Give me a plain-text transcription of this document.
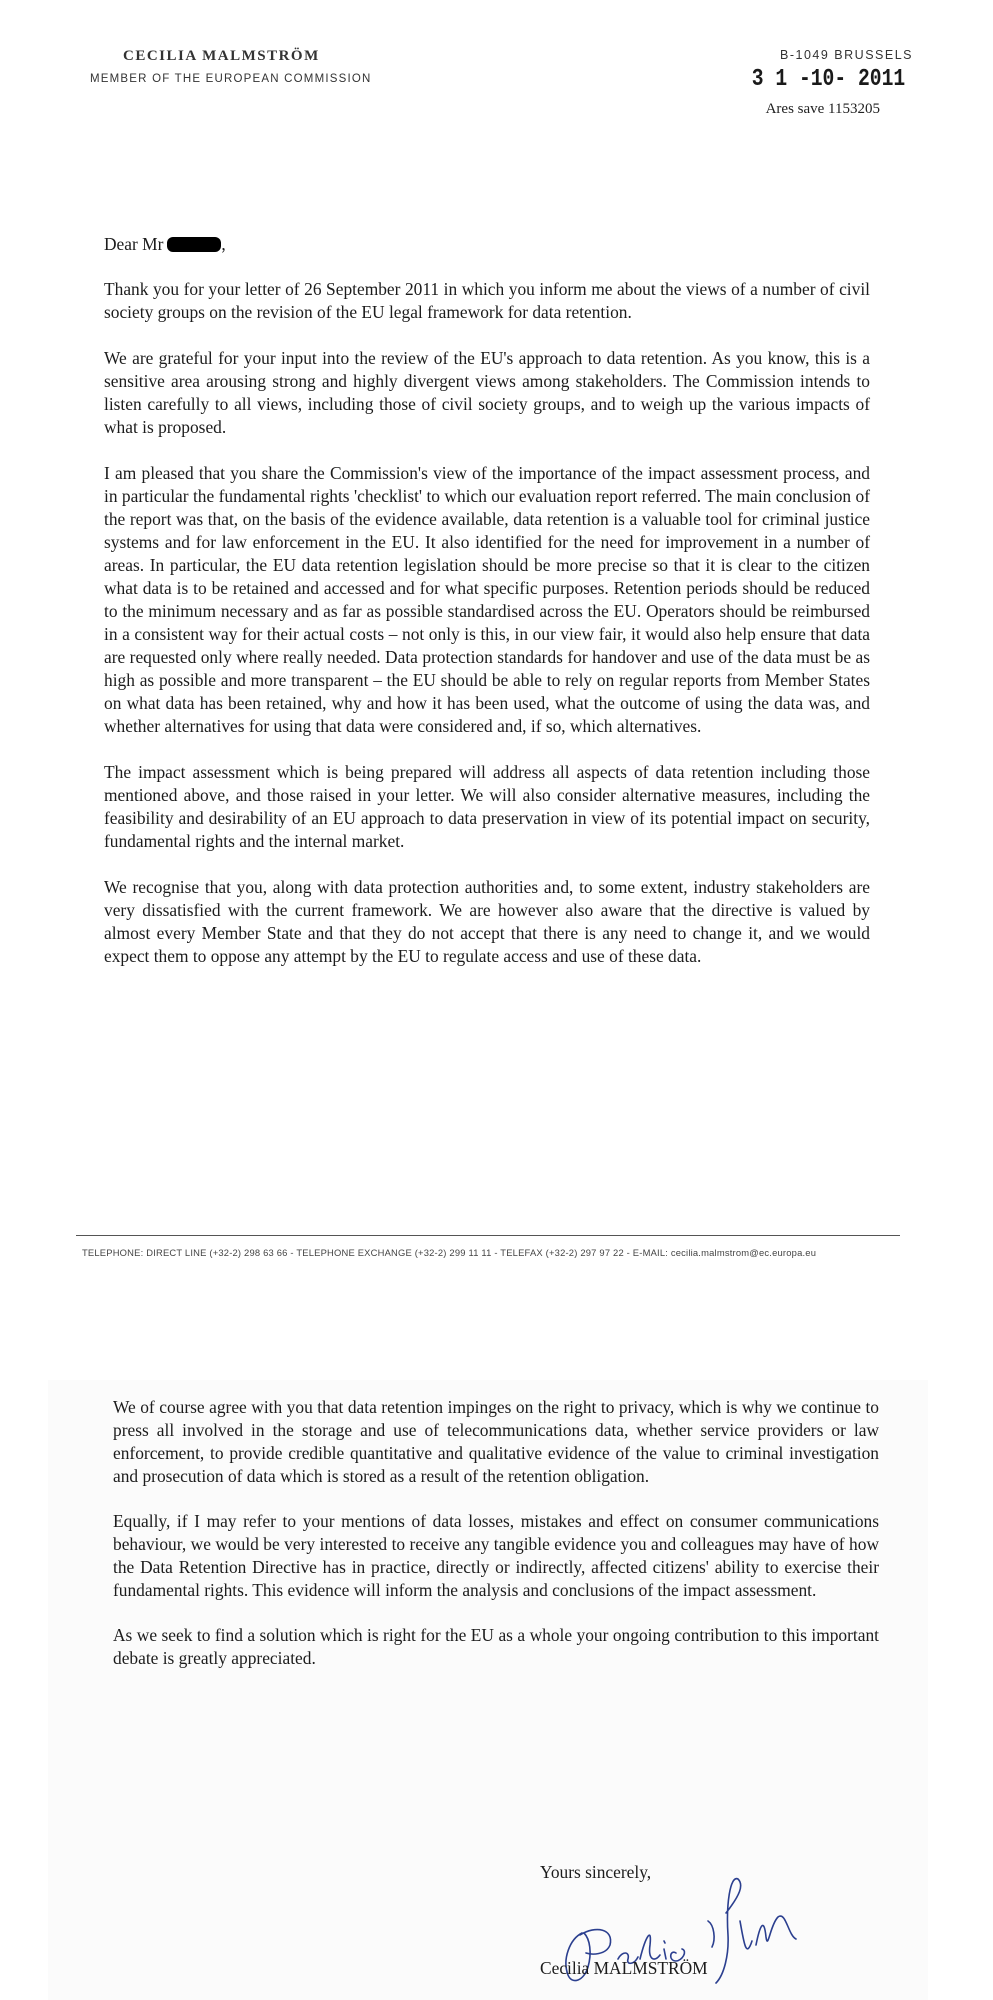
CECILIA MALMSTRÖM
MEMBER OF THE EUROPEAN COMMISSION
B-1049 BRUSSELS
3 1 -10- 2011
Ares save 1153205

Dear Mr	,

Thank you for your letter of 26 September 2011 in which you inform me about the views of a number of civil society groups on the revision of the EU legal framework for data retention.

We are grateful for your input into the review of the EU's approach to data retention. As you know, this is a sensitive area arousing strong and highly divergent views among stakeholders. The Commission intends to listen carefully to all views, including those of civil society groups, and to weigh up the various impacts of what is proposed.

I am pleased that you share the Commission's view of the importance of the impact assessment process, and in particular the fundamental rights 'checklist' to which our evaluation report referred. The main conclusion of the report was that, on the basis of the evidence available, data retention is a valuable tool for criminal justice systems and for law enforcement in the EU. It also identified for the need for improvement in a number of areas. In particular, the EU data retention legislation should be more precise so that it is clear to the citizen what data is to be retained and accessed and for what specific purposes. Retention periods should be reduced to the minimum necessary and as far as possible standardised across the EU. Operators should be reimbursed in a consistent way for their actual costs – not only is this, in our view fair, it would also help ensure that data are requested only where really needed. Data protection standards for handover and use of the data must be as high as possible and more transparent – the EU should be able to rely on regular reports from Member States on what data has been retained, why and how it has been used, what the outcome of using the data was, and whether alternatives for using that data were considered and, if so, which alternatives.

The impact assessment which is being prepared will address all aspects of data retention including those mentioned above, and those raised in your letter. We will also consider alternative measures, including the feasibility and desirability of an EU approach to data preservation in view of its potential impact on security, fundamental rights and the internal market.

We recognise that you, along with data protection authorities and, to some extent, industry stakeholders are very dissatisfied with the current framework. We are however also aware that the directive is valued by almost every Member State and that they do not accept that there is any need to change it, and we would expect them to oppose any attempt by the EU to regulate access and use of these data.

TELEPHONE: DIRECT LINE (+32-2) 298 63 66 - TELEPHONE EXCHANGE (+32-2) 299 11 11 - TELEFAX (+32-2) 297 97 22 - E-MAIL: cecilia.malmstrom@ec.europa.eu

We of course agree with you that data retention impinges on the right to privacy, which is why we continue to press all involved in the storage and use of telecommunications data, whether service providers or law enforcement, to provide credible quantitative and qualitative evidence of the value to criminal investigation and prosecution of data which is stored as a result of the retention obligation.

Equally, if I may refer to your mentions of data losses, mistakes and effect on consumer communications behaviour, we would be very interested to receive any tangible evidence you and colleagues may have of how the Data Retention Directive has in practice, directly or indirectly, affected citizens' ability to exercise their fundamental rights. This evidence will inform the analysis and conclusions of the impact assessment.

As we seek to find a solution which is right for the EU as a whole your ongoing contribution to this important debate is greatly appreciated.

Yours sincerely,
Cecilia MALMSTRÖM
